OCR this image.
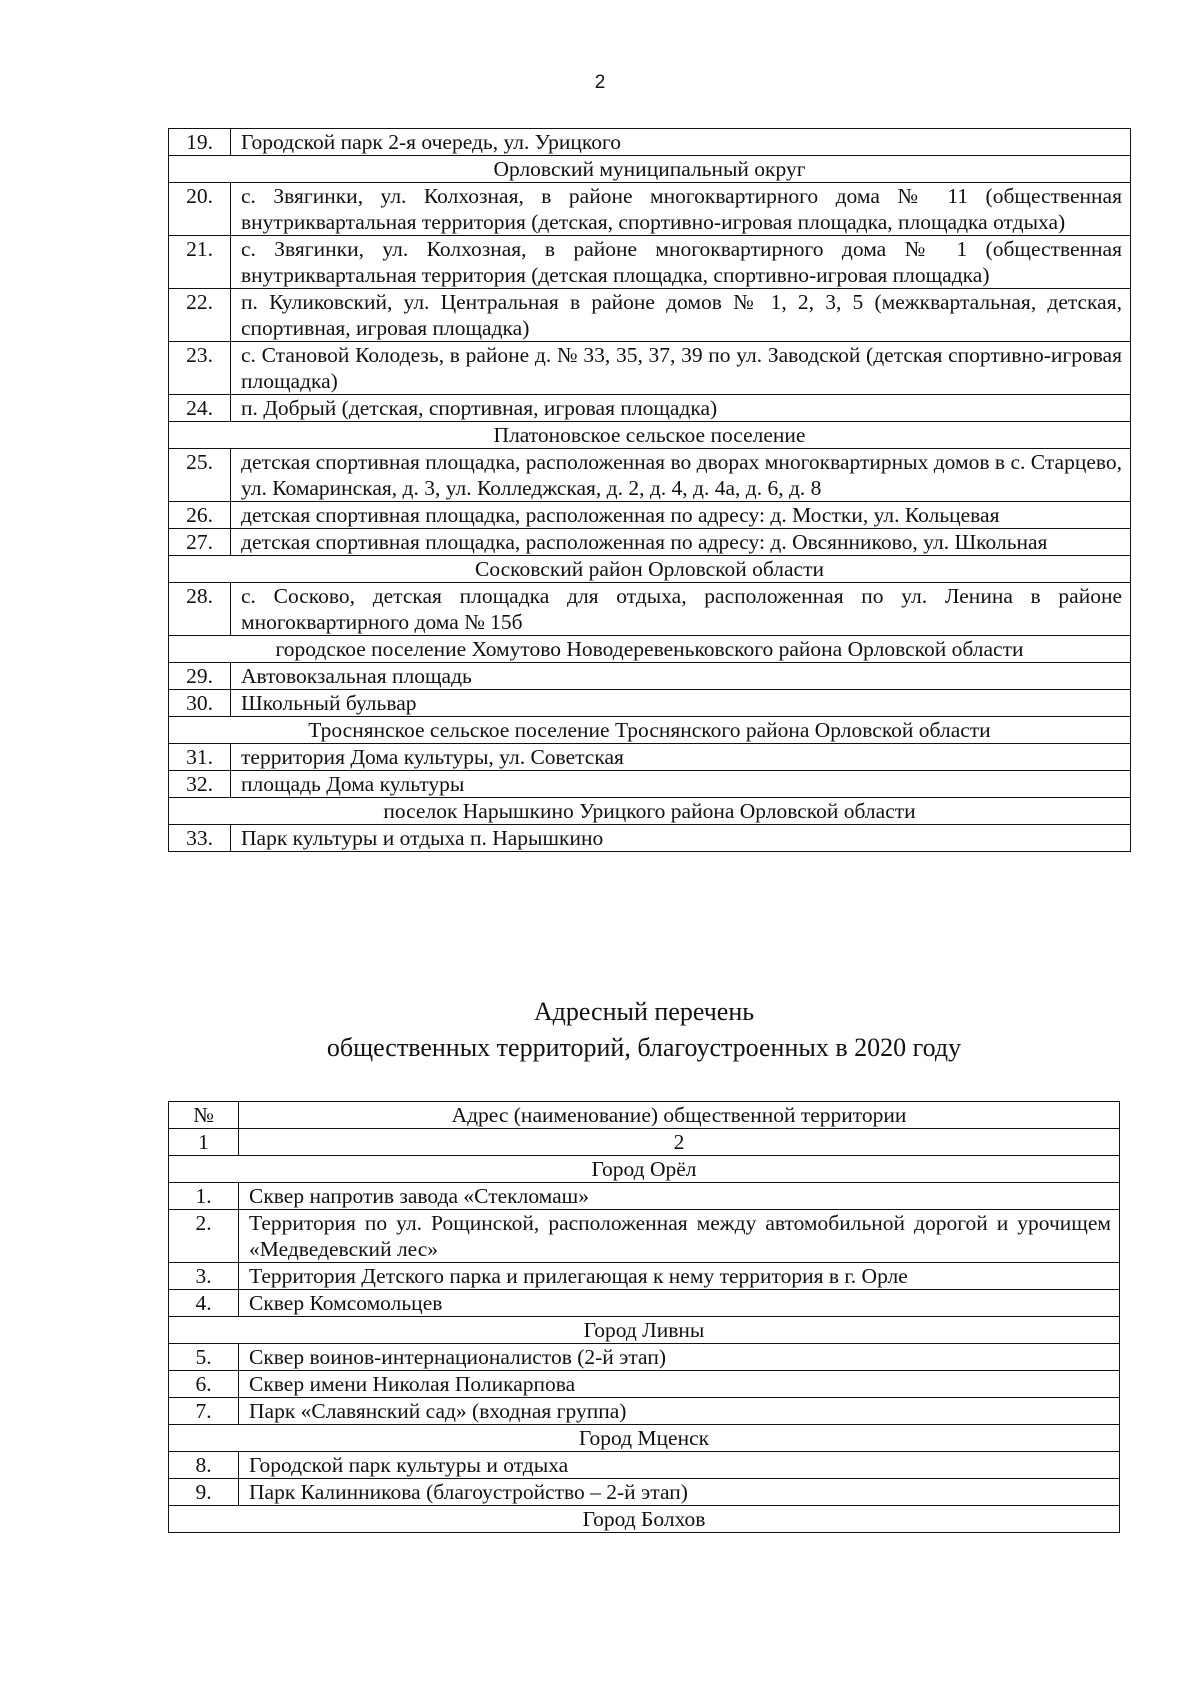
2
19.	Городской парк 2-я очередь, ул. Урицкого
Орловский муниципальный округ	
20.	с. Звягинки, ул. Колхозная, в районе многоквартирного дома № 11 (общественная внутриквартальная территория (детская, спортивно-игровая площадка, площадка отдыха)
21.	с. Звягинки, ул. Колхозная, в районе многоквартирного дома № 1 (общественная внутриквартальная территория (детская площадка, спортивно-игровая площадка)
22.	п. Куликовский, ул. Центральная в районе домов № 1, 2, 3, 5 (межквартальная, детская, спортивная, игровая площадка)
23.	с. Становой Колодезь, в районе д. № 33, 35, 37, 39 по ул. Заводской (детская спортивно-игровая площадка)
24.	п. Добрый (детская, спортивная, игровая площадка)
Платоновское сельское поселение	
25.	детская спортивная площадка, расположенная во дворах многоквартирных домов в с. Старцево, ул. Комаринская, д. 3, ул. Колледжская, д. 2, д. 4, д. 4а, д. 6, д. 8
26.	детская спортивная площадка, расположенная по адресу: д. Мостки, ул. Кольцевая
27.	детская спортивная площадка, расположенная по адресу: д. Овсянниково, ул. Школьная
Сосковский район Орловской области	
28.	с. Сосково, детская площадка для отдыха, расположенная по ул. Ленина в районе многоквартирного дома № 15б
городское поселение Хомутово Новодеревеньковского района Орловской области	
29.	Автовокзальная площадь
30.	Школьный бульвар
Троснянское сельское поселение Троснянского района Орловской области	
31.	территория Дома культуры, ул. Советская
32.	площадь Дома культуры
поселок Нарышкино Урицкого района Орловской области	
33.	Парк культуры и отдыха п. Нарышкино
Адресный перечень
общественных территорий, благоустроенных в 2020 году
№	Адрес (наименование) общественной территории
1	2
Город Орёл	
1.	Сквер напротив завода «Стекломаш»
2.	Территория по ул. Рощинской, расположенная между автомобильной дорогой и урочищем «Медведевский лес»
3.	Территория Детского парка и прилегающая к нему территория в г. Орле
4.	Сквер Комсомольцев
Город Ливны	
5.	Сквер воинов-интернационалистов (2-й этап)
6.	Сквер имени Николая Поликарпова
7.	Парк «Славянский сад» (входная группа)
Город Мценск	
8.	Городской парк культуры и отдыха
9.	Парк Калинникова (благоустройство – 2-й этап)
Город Болхов	
